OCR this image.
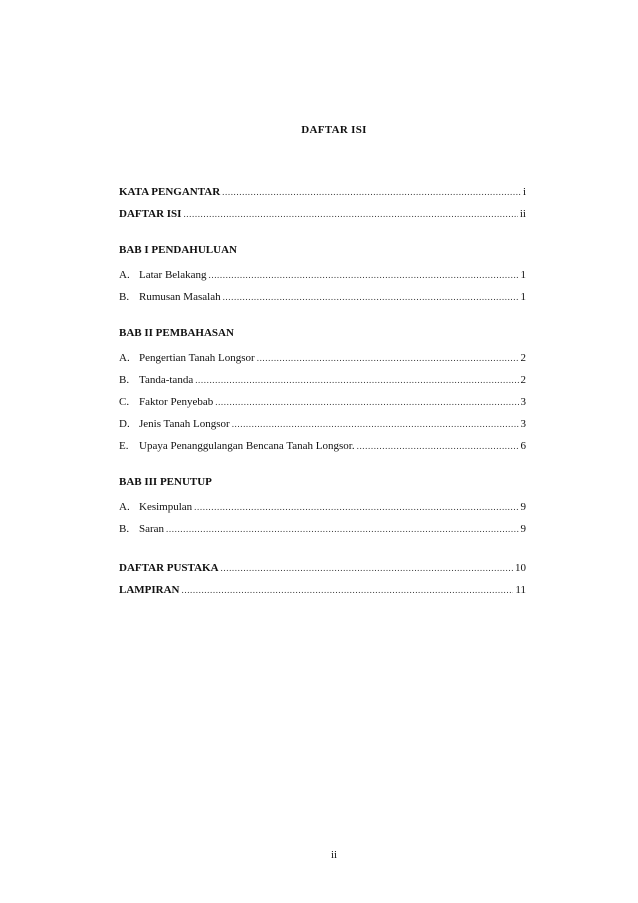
DAFTAR ISI
KATA PENGANTAR .....	i
DAFTAR ISI .....	ii
BAB I PENDAHULUAN
A. Latar Belakang .....	1
B. Rumusan Masalah .....	1
BAB II PEMBAHASAN
A. Pengertian Tanah Longsor .....	2
B. Tanda-tanda .....	2
C. Faktor Penyebab .....	3
D. Jenis Tanah Longsor .....	3
E. Upaya Penanggulangan Bencana Tanah Longsor. .....	6
BAB III PENUTUP
A. Kesimpulan .....	9
B. Saran .....	9
DAFTAR PUSTAKA .....	10
LAMPIRAN .....	11
ii
